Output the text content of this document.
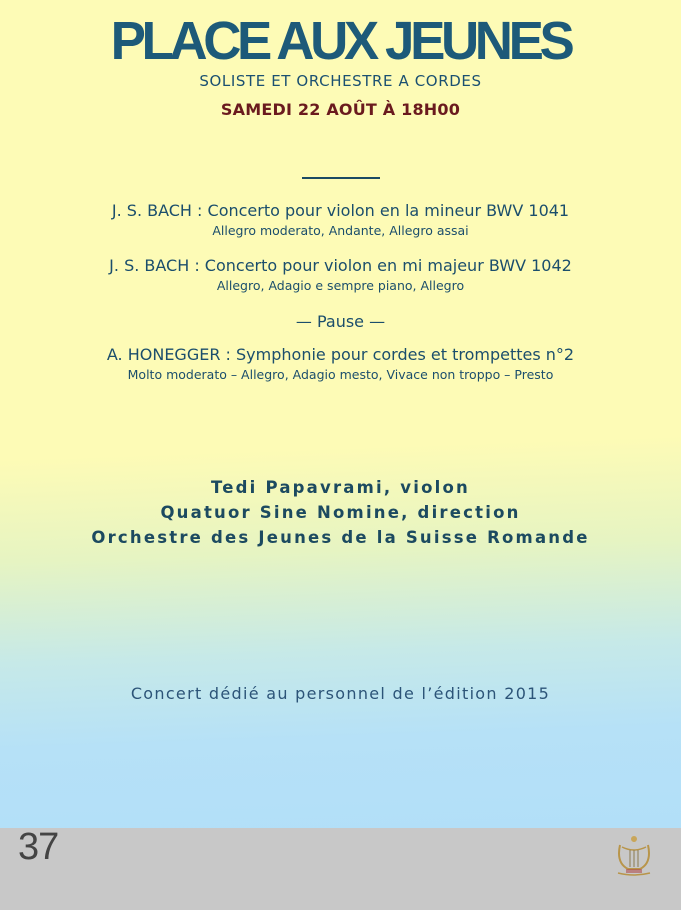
PLACE AUX JEUNES
SOLISTE ET ORCHESTRE A CORDES
SAMEDI 22 AOÛT À 18H00
J. S. BACH : Concerto pour violon en la mineur BWV 1041
Allegro moderato, Andante, Allegro assai
J. S. BACH : Concerto pour violon en mi majeur BWV 1042
Allegro, Adagio e sempre piano, Allegro
— Pause —
A. HONEGGER : Symphonie pour cordes et trompettes n°2
Molto moderato – Allegro, Adagio mesto, Vivace non troppo – Presto
Tedi Papavrami, violon
Quatuor Sine Nomine, direction
Orchestre des Jeunes de la Suisse Romande
Concert dédié au personnel de l’édition 2015
37
